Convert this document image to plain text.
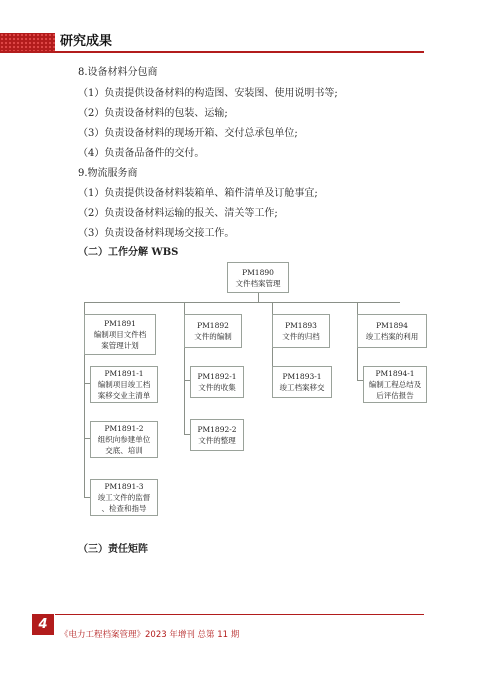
研究成果
8.设备材料分包商
（1）负责提供设备材料的构造图、安装图、使用说明书等;
（2）负责设备材料的包装、运输;
（3）负责设备材料的现场开箱、交付总承包单位;
（4）负责备品备件的交付。
9.物流服务商
（1）负责提供设备材料装箱单、箱件清单及订舱事宜;
（2）负责设备材料运输的报关、清关等工作;
（3）负责设备材料现场交接工作。
（二）工作分解 WBS
PM1890
文件档案管理
PM1891
编制项目文件档
案管理计划
PM1891-1
编制项目竣工档
案移交业主清单
PM1891-2
组织向参建单位
交底、培训
PM1891-3
竣工文件的监督
、检查和指导
PM1892
文件的编制
PM1892-1
文件的收集
PM1892-2
文件的整理
PM1893
文件的归档
PM1893-1
竣工档案移交
PM1894
竣工档案的利用
PM1894-1
编制工程总结及
后评估报告
（三）责任矩阵
4
《电力工程档案管理》2023 年增刊 总第 11 期
